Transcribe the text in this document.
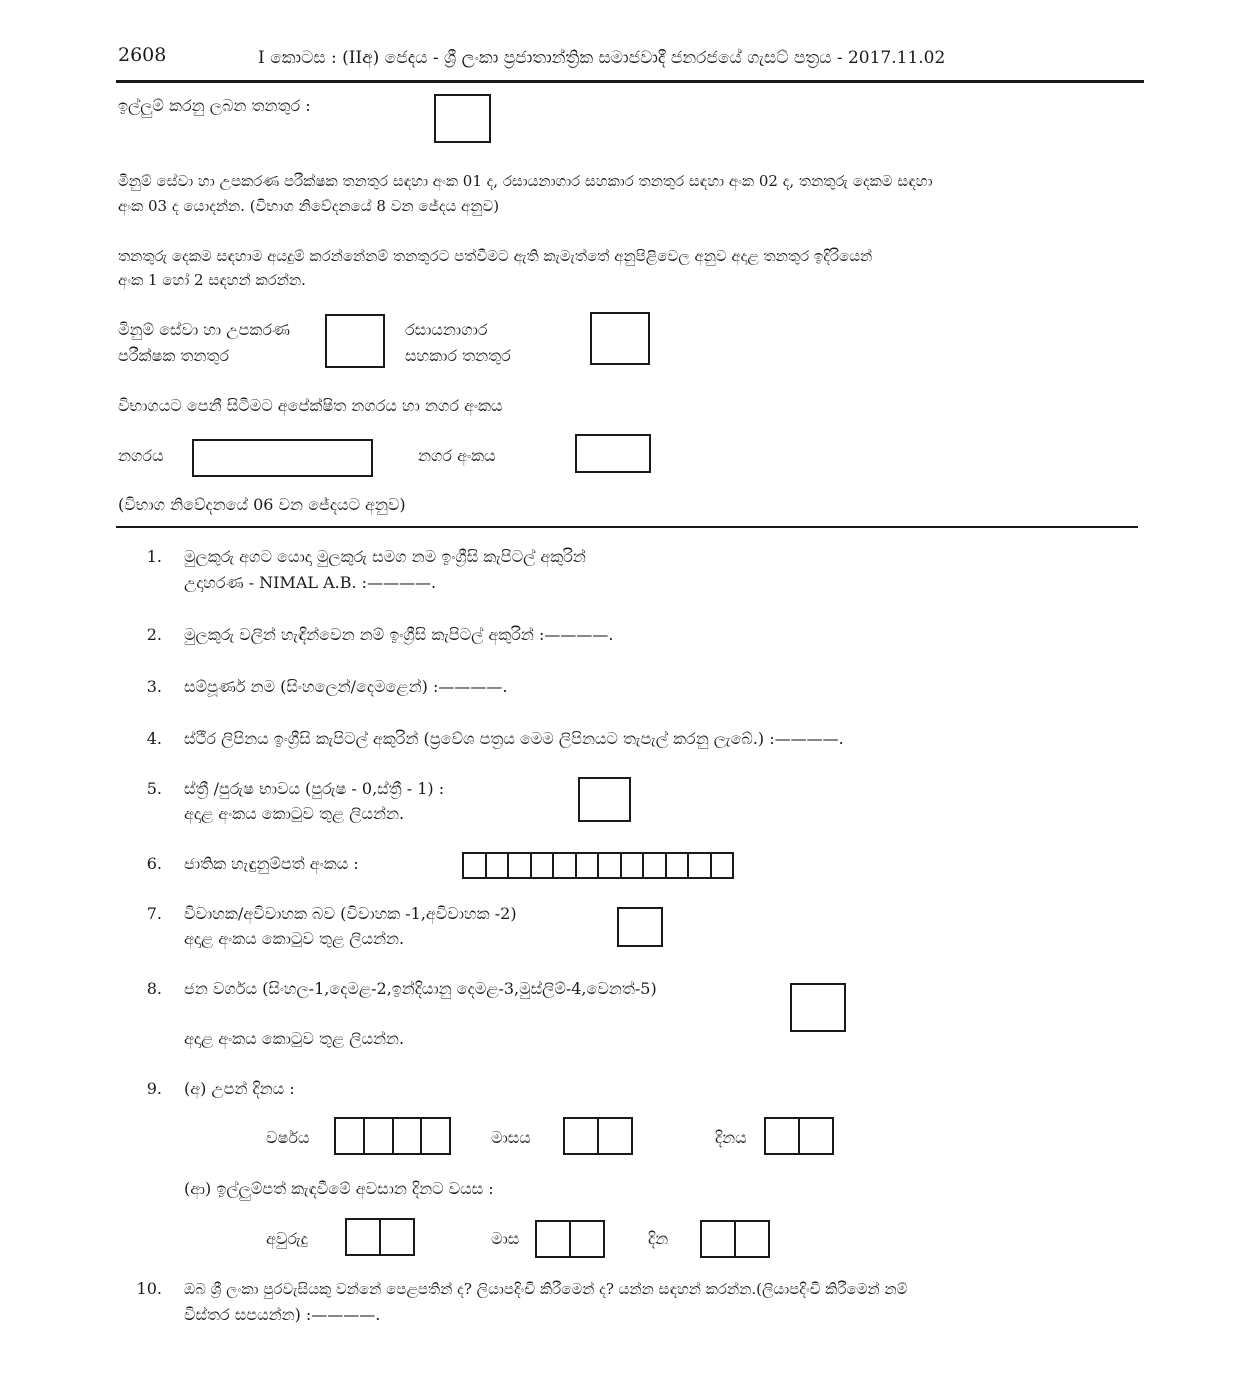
2608	I කොටස : (IIඅ) ජෙදය - ශ්‍රී ලංකා ප්‍රජාතාන්ත්‍රික සමාජවාදී ජනරජයේ ගැසට් පත්‍රය - 2017.11.02
ඉල්ලුම් කරනු ලබන තනතුර :
මිනුම් සේවා හා උපකරණ පරීක්ෂක තනතුර සඳහා අංක 01 ද, රසායනාගාර සහකාර තනතුර සඳහා අංක 02 ද, තනතුරු දෙකම සඳහා
අංක 03 ද යොදන්න. (විභාග නිවේදනයේ 8 වන ජේදය අනුව)
තනතුරු දෙකම සඳහාම අයදුම් කරන්නේනම් තනතුරට පත්වීමට ඇති කැමැත්තේ අනුපිළිවෙල අනුව අදාළ තනතුර ඉදිරියෙන්
අංක 1 හෝ 2 සඳහන් කරන්න.
මිනුම් සේවා හා උපකරණ
පරීක්ෂක තනතුර
රසායනාගාර
සහකාර තනතුර
විභාගයට පෙනී සිටීමට අපේක්ෂිත නගරය හා නගර අංකය
නගරය	නගර අංකය
(විභාග නිවේදනයේ 06 වන ජේදයට අනුව)
1. මුලකුරු අගට යොදා මුලකුරු සමග නම ඉංග්‍රීසි කැපිටල් අකුරින්
උදාහරණ - NIMAL A.B. :————.
2. මුලකුරු වලින් හැඳින්වෙන නම් ඉංග්‍රීසි කැපිටල් අකුරින් :————.
3. සම්පූර්ණ නම (සිංහලෙන්/දෙමළෙන්) :————.
4. ස්ථිර ලිපිනය ඉංග්‍රීසි කැපිටල් අකුරින් (ප්‍රවේශ පත්‍රය මෙම ලිපිනයට තැපැල් කරනු ලැබේ.) :————.
5. ස්ත්‍රී /පුරුෂ භාවය (පුරුෂ - 0,ස්ත්‍රී - 1) :
අදාළ අංකය කොටුව තුළ ලියන්න.
6. ජාතික හැඳුනුම්පත් අංකය :
7. විවාහක/අවිවාහක බව (විවාහක -1,අවිවාහක -2)
අදාළ අංකය කොටුව තුළ ලියන්න.
8. ජන වර්ගය (සිංහල-1,දෙමළ-2,ඉන්දියානු දෙමළ-3,මුස්ලිම්-4,වෙනත්-5)
අදාළ අංකය කොටුව තුළ ලියන්න.
9. (අ) උපන් දිනය :
වර්ෂය	මාසය	දිනය
(ආ) ඉල්ලුම්පත් කැඳවීමේ අවසාන දිනට වයස :
අවුරුදු	මාස	දින
10. ඔබ ශ්‍රී ලංකා පුරවැසියකු වන්නේ පෙළපතින් ද? ලියාපදිංචි කිරීමෙන් ද? යන්න සඳහන් කරන්න.(ලියාපදිංචි කිරීමෙන් නම්
විස්තර සපයන්න) :————.
